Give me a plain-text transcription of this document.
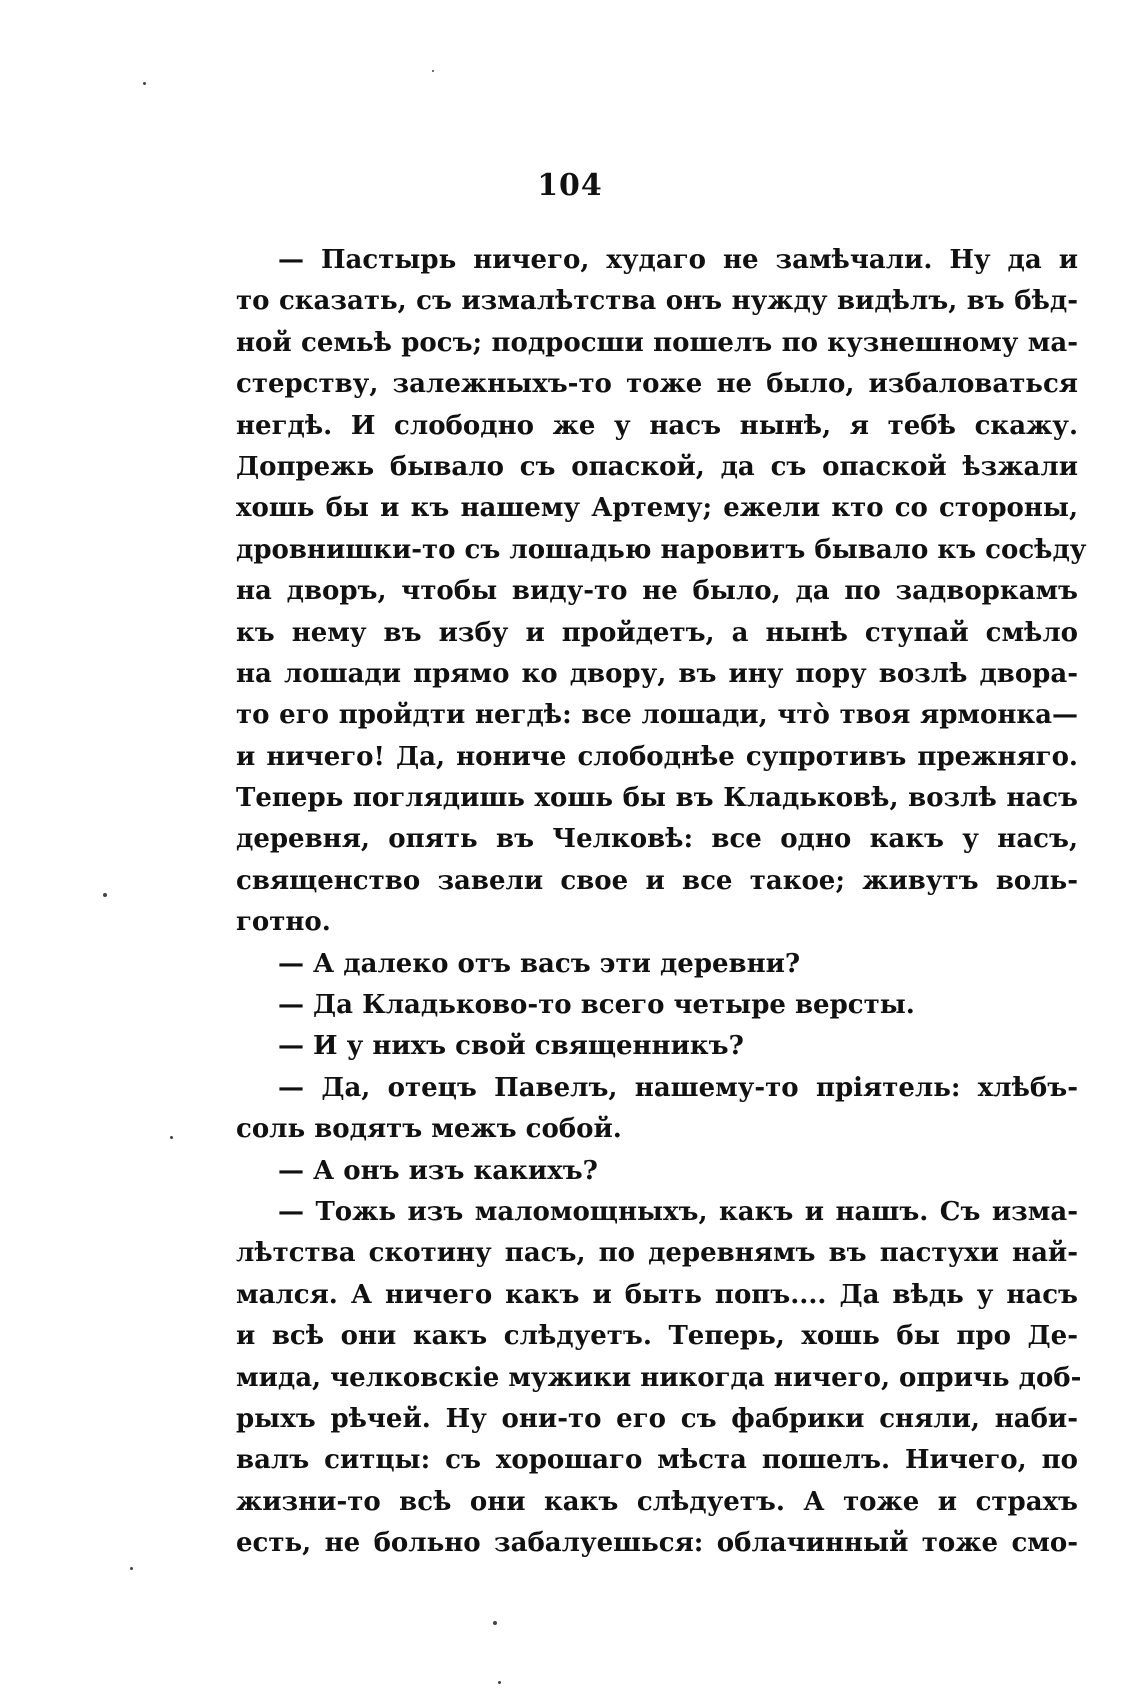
104
— Пастырь ничего, худаго не замѣчали. Ну да и
то сказать, съ измалѣтства онъ нужду видѣлъ, въ бѣд-
ной семьѣ росъ; подросши пошелъ по кузнешному ма-
стерству, залежныхъ-то тоже не было, избаловаться
негдѣ. И слободно же у насъ нынѣ, я тебѣ скажу.
Допрежь бывало съ опаской, да съ опаской ѣзжали
хошь бы и къ нашему Артему; ежели кто со стороны,
дровнишки-то съ лошадью наровитъ бывало къ сосѣду
на дворъ, чтобы виду-то не было, да по задворкамъ
къ нему въ избу и пройдетъ, а нынѣ ступай смѣло
на лошади прямо ко двору, въ ину пору возлѣ двора-
то его пройдти негдѣ: все лошади, что̀ твоя ярмонка—
и ничего! Да, нониче слободнѣе супротивъ прежняго.
Теперь поглядишь хошь бы въ Кладьковѣ, возлѣ насъ
деревня, опять въ Челковѣ: все одно какъ у насъ,
священство завели свое и все такое; живутъ воль-
готно.
— А далеко отъ васъ эти деревни?
— Да Кладьково-то всего четыре версты.
— И у нихъ свой священникъ?
— Да, отецъ Павелъ, нашему-то пріятель: хлѣбъ-
соль водятъ межъ собой.
— А онъ изъ какихъ?
— Тожь изъ маломощныхъ, какъ и нашъ. Съ изма-
лѣтства скотину пасъ, по деревнямъ въ пастухи най-
мался. А ничего какъ и быть попъ.... Да вѣдь у насъ
и всѣ они какъ слѣдуетъ. Теперь, хошь бы про Де-
мида, челковскіе мужики никогда ничего, опричь доб-
рыхъ рѣчей. Ну они-то его съ фабрики сняли, наби-
валъ ситцы: съ хорошаго мѣста пошелъ. Ничего, по
жизни-то всѣ они какъ слѣдуетъ. А тоже и страхъ
есть, не больно забалуешься: облачинный тоже смо-
